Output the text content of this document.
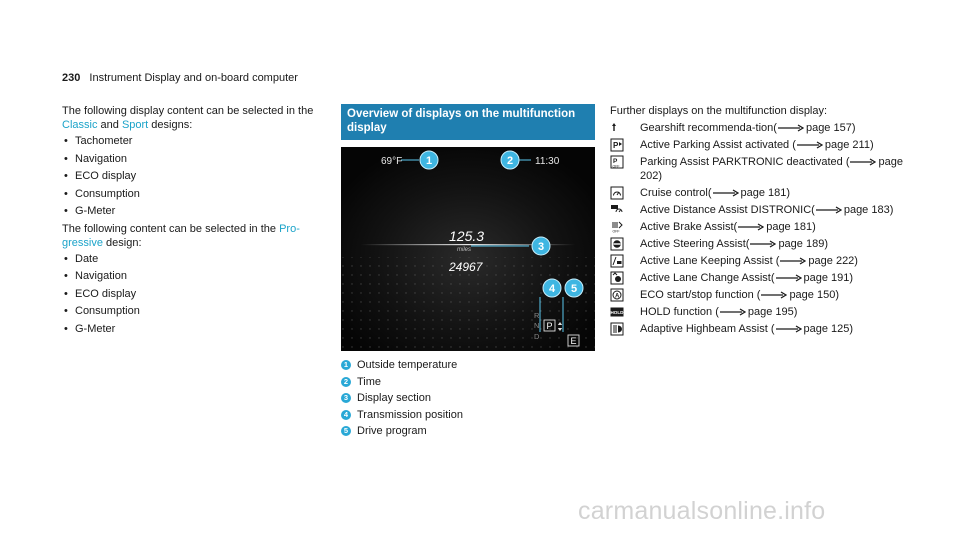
230 Instrument Display and on-board computer
The following display content can be selected in the Classic and Sport designs:
• Tachometer
• Navigation
• ECO display
• Consumption
• G-Meter
The following content can be selected in the Pro-gressive design:
• Date
• Navigation
• ECO display
• Consumption
• G-Meter
Overview of displays on the multifunction display
1	2
3
4 5
69°F	11:30
125.3
miles
24967
R
N
D
P
E
1 Outside temperature
2 Time
3 Display section
4 Transmission position
5 Drive program
Further displays on the multifunction display:
Gearshift recommenda-tion(	page 157)
P Active Parking Assist activated (	page 211)
P
OFF Parking Assist PARKTRONIC deactivated (	page 202)
Cruise control(	page 181)
Active Distance Assist DISTRONIC(	page 183)
OFF Active Brake Assist(	page 181)
Active Steering Assist(	page 189)
Active Lane Keeping Assist (	page 222)
Active Lane Change Assist(	page 191)
A ECO start/stop function (	page 150)
HOLD HOLD function (	page 195)
Adaptive Highbeam Assist (	page 125)
carmanualsonline.info
